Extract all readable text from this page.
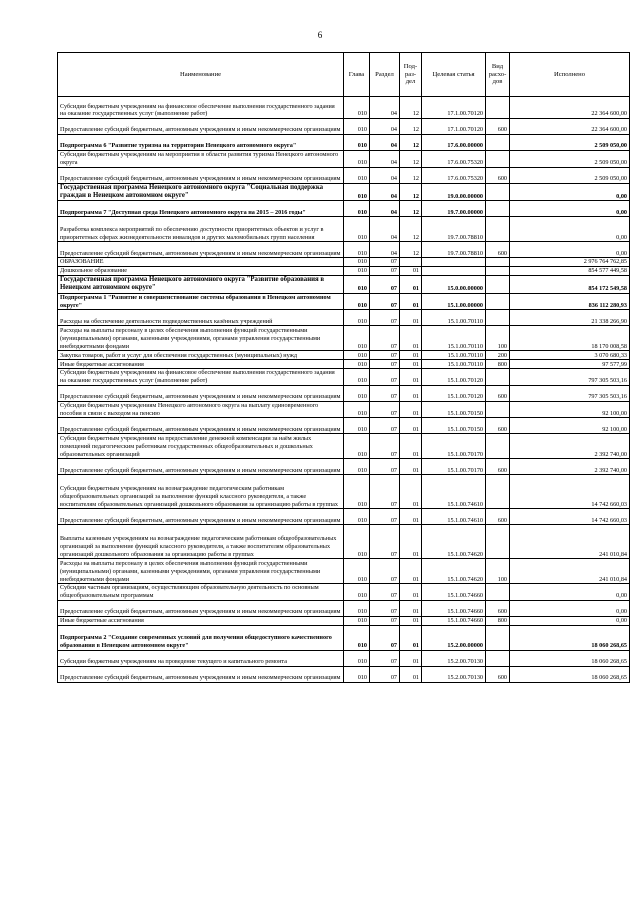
6
Наименование	Глава	Раздел	Под- раз- дел	Целевая статья	Вид расхо- дов	Исполнено
Субсидии бюджетным учреждениям на финансовое обеспечение выполнения государственного задания на оказание государственных услуг (выполнение работ)	010	04	12	17.1.00.70120		22 364 600,00
Предоставление субсидий бюджетным, автономным учреждениям и иным некоммерческим организациям	010	04	12	17.1.00.70120	600	22 364 600,00
Подпрограмма 6 "Развитие туризма на территории Ненецкого автономного округа"	010	04	12	17.6.00.00000		2 509 050,00
Субсидии бюджетным учреждениям на мероприятия в области развития туризма Ненецкого автономного округа	010	04	12	17.6.00.75320		2 509 050,00
Предоставление субсидий бюджетным, автономным учреждениям и иным некоммерческим организациям	010	04	12	17.6.00.75320	600	2 509 050,00
Государственная программа Ненецкого автономного округа "Социальная поддержка граждан в Ненецком автономном округе"	010	04	12	19.0.00.00000		0,00
Подпрограмма 7 "Доступная среда Ненецкого автономного округа на 2015 – 2016 годы"	010	04	12	19.7.00.00000		0,00
Разработка комплекса мероприятий по обеспечению доступности приоритетных объектов и услуг в приоритетных сферах жизнедеятельности инвалидов и других маломобильных групп населения	010	04	12	19.7.00.78810		0,00
Предоставление субсидий бюджетным, автономным учреждениям и иным некоммерческим организациям	010	04	12	19.7.00.78810	600	0,00
ОБРАЗОВАНИЕ	010	07				2 976 764 762,85
Дошкольное образование	010	07	01			854 577 449,58
Государственная программа Ненецкого автономного округа "Развитие образования в Ненецком автономном округе"	010	07	01	15.0.00.00000		854 172 549,58
Подпрограмма 1 "Развитие и совершенствование системы образования в Ненецком автономном округе"	010	07	01	15.1.00.00000		836 112 280,93
Расходы на обеспечение деятельности подведомственных казённых учреждений	010	07	01	15.1.00.70110		21 338 266,90
Расходы на выплаты персоналу в целях обеспечения выполнения функций государственными (муниципальными) органами, казенными учреждениями, органами управления государственными внебюджетными фондами	010	07	01	15.1.00.70110	100	18 170 008,58
Закупка товаров, работ и услуг для обеспечения государственных (муниципальных) нужд	010	07	01	15.1.00.70110	200	3 070 680,33
Иные бюджетные ассигнования	010	07	01	15.1.00.70110	800	97 577,99
Субсидии бюджетным учреждениям на финансовое обеспечение выполнения государственного задания на оказание государственных услуг (выполнение работ)	010	07	01	15.1.00.70120		797 305 503,16
Предоставление субсидий бюджетным, автономным учреждениям и иным некоммерческим организациям	010	07	01	15.1.00.70120	600	797 305 503,16
Субсидии бюджетным учреждениям Ненецкого автономного округа на выплату единовременного пособия в связи с выходом на пенсию	010	07	01	15.1.00.70150		92 100,00
Предоставление субсидий бюджетным, автономным учреждениям и иным некоммерческим организациям	010	07	01	15.1.00.70150	600	92 100,00
Субсидии бюджетным учреждениям на предоставление денежной компенсации за наём жилых помещений педагогическим работникам государственных общеобразовательных и дошкольных образовательных организаций	010	07	01	15.1.00.70170		2 392 740,00
Предоставление субсидий бюджетным, автономным учреждениям и иным некоммерческим организациям	010	07	01	15.1.00.70170	600	2 392 740,00
Субсидии бюджетным учреждениям на вознаграждение педагогическим работникам общеобразовательных организаций за выполнение функций классного руководителя, а также воспитателям образовательных организаций дошкольного образования за организацию работы в группах	010	07	01	15.1.00.74610		14 742 660,03
Предоставление субсидий бюджетным, автономным учреждениям и иным некоммерческим организациям	010	07	01	15.1.00.74610	600	14 742 660,03
Выплаты казенным учреждениям на вознаграждение педагогическим работникам общеобразовательных организаций за выполнение функций классного руководителя, а также воспитателям образовательных организаций дошкольного образования за организацию работы в группах	010	07	01	15.1.00.74620		241 010,84
Расходы на выплаты персоналу в целях обеспечения выполнения функций государственными (муниципальными) органами, казенными учреждениями, органами управления государственными внебюджетными фондами	010	07	01	15.1.00.74620	100	241 010,84
Субсидии частным организациям, осуществляющим образовательную деятельность по основным общеобразовательным программам	010	07	01	15.1.00.74660		0,00
Предоставление субсидий бюджетным, автономным учреждениям и иным некоммерческим организациям	010	07	01	15.1.00.74660	600	0,00
Иные бюджетные ассигнования	010	07	01	15.1.00.74660	800	0,00
Подпрограмма 2 "Создание современных условий для получения общедоступного качественного образования в Ненецком автономном округе"	010	07	01	15.2.00.00000		18 060 268,65
Субсидии бюджетным учреждениям на проведение текущего и капитального ремонта	010	07	01	15.2.00.70130		18 060 268,65
Предоставление субсидий бюджетным, автономным учреждениям и иным некоммерческим организациям	010	07	01	15.2.00.70130	600	18 060 268,65
